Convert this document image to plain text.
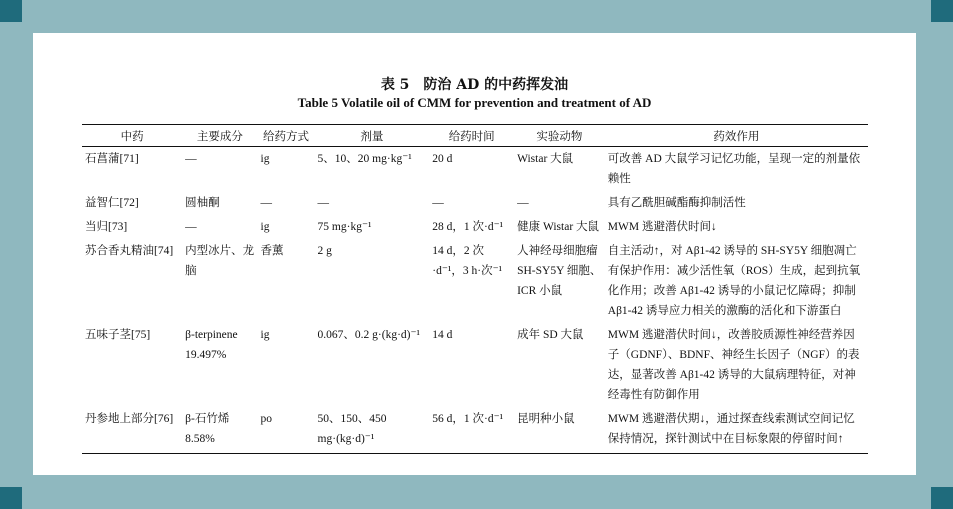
表 5　防治 AD 的中药挥发油
Table 5 Volatile oil of CMM for prevention and treatment of AD
中药	主要成分	给药方式	剂量	给药时间	实验动物	药效作用
石菖蒲[71]	—	ig	5、10、20 mg·kg⁻¹	20 d	Wistar 大鼠	可改善 AD 大鼠学习记忆功能，呈现一定的剂量依赖性
益智仁[72]	圆柚酮	—	—	—	—	具有乙酰胆碱酯酶抑制活性
当归[73]	—	ig	75 mg·kg⁻¹	28 d，1 次·d⁻¹	健康 Wistar 大鼠	MWM 逃避潜伏时间↓
苏合香丸精油[74]	内型冰片、龙脑	香薰	2 g	14 d，2 次·d⁻¹，3 h·次⁻¹	人神经母细胞瘤 SH-SY5Y 细胞、ICR 小鼠	自主活动↑，对 Aβ1-42 诱导的 SH-SY5Y 细胞凋亡有保护作用：减少活性氧（ROS）生成，起到抗氧化作用；改善 Aβ1-42 诱导的小鼠记忆障碍；抑制 Aβ1-42 诱导应力相关的激酶的活化和下游蛋白
五味子茎[75]	β-terpinene 19.497%	ig	0.067、0.2 g·(kg·d)⁻¹	14 d	成年 SD 大鼠	MWM 逃避潜伏时间↓，改善胶质源性神经营养因子（GDNF）、BDNF、神经生长因子（NGF）的表达，显著改善 Aβ1-42 诱导的大鼠病理特征，对神经毒性有防御作用
丹参地上部分[76]	β-石竹烯 8.58%	po	50、150、450 mg·(kg·d)⁻¹	56 d，1 次·d⁻¹	昆明种小鼠	MWM 逃避潜伏期↓，通过探查线索测试空间记忆保持情况，探针测试中在目标象限的停留时间↑
